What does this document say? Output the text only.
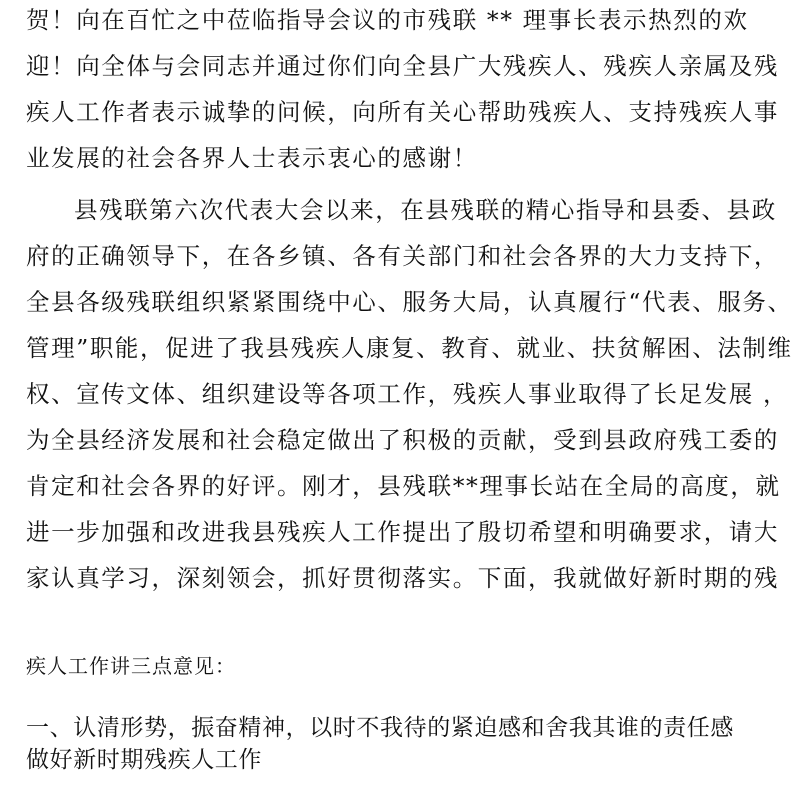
贺！向在百忙之中莅临指导会议的市残联 ** 理事长表示热烈的欢
迎！向全体与会同志并通过你们向全县广大残疾人、残疾人亲属及残
疾人工作者表示诚挚的问候，向所有关心帮助残疾人、支持残疾人事
业发展的社会各界人士表示衷心的感谢！
县残联第六次代表大会以来，在县残联的精心指导和县委、县政
府的正确领导下，在各乡镇、各有关部门和社会各界的大力支持下，
全县各级残联组织紧紧围绕中心、服务大局，认真履行“代表、服务、
管理”职能，促进了我县残疾人康复、教育、就业、扶贫解困、法制维
权、宣传文体、组织建设等各项工作，残疾人事业取得了长足发展 ，
为全县经济发展和社会稳定做出了积极的贡献，受到县政府残工委的
肯定和社会各界的好评。刚才，县残联**理事长站在全局的高度，就
进一步加强和改进我县残疾人工作提出了殷切希望和明确要求，请大
家认真学习，深刻领会，抓好贯彻落实。下面，我就做好新时期的残
疾人工作讲三点意见：
一、认清形势，振奋精神，以时不我待的紧迫感和舍我其谁的责任感
做好新时期残疾人工作
